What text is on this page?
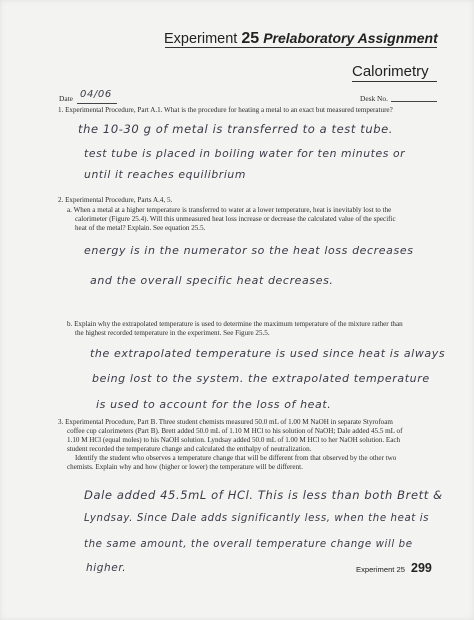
Experiment 25 Prelaboratory Assignment
Calorimetry
Date 04/06	Desk No.
1. Experimental Procedure, Part A.1. What is the procedure for heating a metal to an exact but measured temperature?
the 10-30 g of metal is transferred to a test tube.
test tube is placed in boiling water for ten minutes or
until it reaches equilibrium
2. Experimental Procedure, Parts A.4, 5.
a. When a metal at a higher temperature is transferred to water at a lower temperature, heat is inevitably lost to the
calorimeter (Figure 25.4). Will this unmeasured heat loss increase or decrease the calculated value of the specific
heat of the metal? Explain. See equation 25.5.
energy is in the numerator so the heat loss decreases
and the overall specific heat decreases.
b. Explain why the extrapolated temperature is used to determine the maximum temperature of the mixture rather than
the highest recorded temperature in the experiment. See Figure 25.5.
the extrapolated temperature is used since heat is always
being lost to the system. the extrapolated temperature
is used to account for the loss of heat.
3. Experimental Procedure, Part B. Three student chemists measured 50.0 mL of 1.00 M NaOH in separate Styrofoam
coffee cup calorimeters (Part B). Brett added 50.0 mL of 1.10 M HCl to his solution of NaOH; Dale added 45.5 mL of
1.10 M HCl (equal moles) to his NaOH solution. Lyndsay added 50.0 mL of 1.00 M HCl to her NaOH solution. Each
student recorded the temperature change and calculated the enthalpy of neutralization.
Identify the student who observes a temperature change that will be different from that observed by the other two
chemists. Explain why and how (higher or lower) the temperature will be different.
Dale added 45.5mL of HCl. This is less than both Brett &
Lyndsay. Since Dale adds significantly less, when the heat is
the same amount, the overall temperature change will be
higher.	Experiment 25 299
